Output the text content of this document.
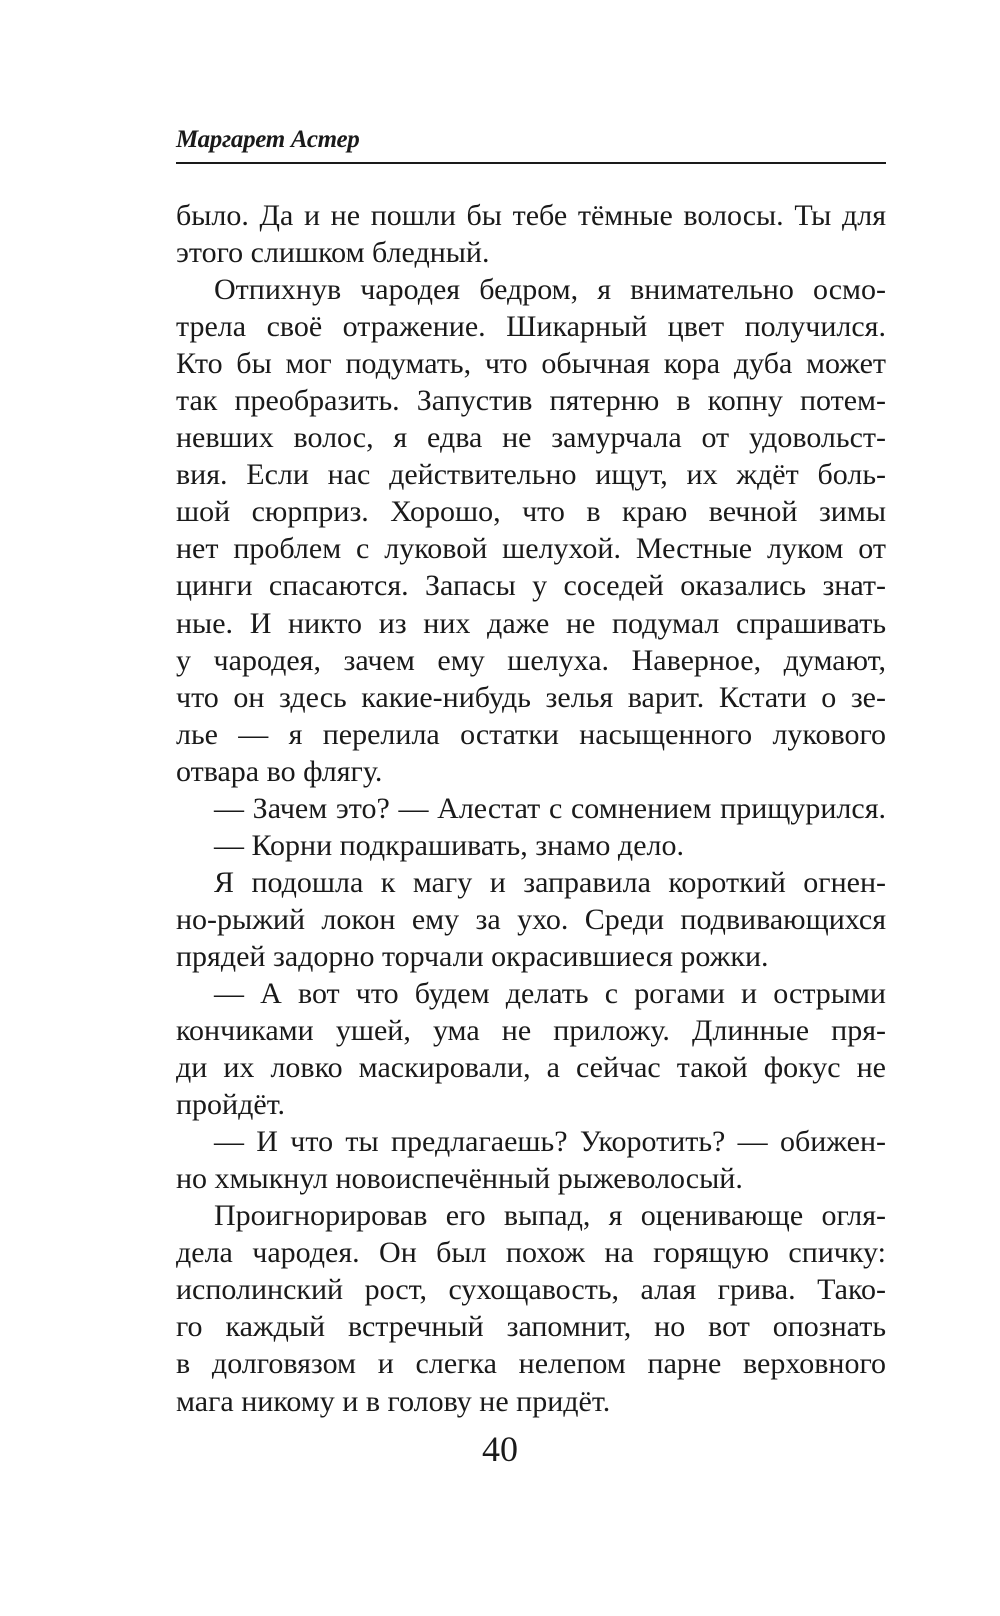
Маргарет Астер
было. Да и не пошли бы тебе тёмные волосы. Ты для
этого слишком бледный.
Отпихнув чародея бедром, я внимательно осмо-
трела своё отражение. Шикарный цвет получился.
Кто бы мог подумать, что обычная кора дуба может
так преобразить. Запустив пятерню в копну потем-
невших волос, я едва не замурчала от удовольст-
вия. Если нас действительно ищут, их ждёт боль-
шой сюрприз. Хорошо, что в краю вечной зимы
нет проблем с луковой шелухой. Местные луком от
цинги спасаются. Запасы у соседей оказались знат-
ные. И никто из них даже не подумал спрашивать
у чародея, зачем ему шелуха. Наверное, думают,
что он здесь какие-нибудь зелья варит. Кстати о зе-
лье — я перелила остатки насыщенного лукового
отвара во флягу.
— Зачем это? — Алестат с сомнением прищурился.
— Корни подкрашивать, знамо дело.
Я подошла к магу и заправила короткий огнен-
но-рыжий локон ему за ухо. Среди подвивающихся
прядей задорно торчали окрасившиеся рожки.
— А вот что будем делать с рогами и острыми
кончиками ушей, ума не приложу. Длинные пря-
ди их ловко маскировали, а сейчас такой фокус не
пройдёт.
— И что ты предлагаешь? Укоротить? — обижен-
но хмыкнул новоиспечённый рыжеволосый.
Проигнорировав его выпад, я оценивающе огля-
дела чародея. Он был похож на горящую спичку:
исполинский рост, сухощавость, алая грива. Тако-
го каждый встречный запомнит, но вот опознать
в долговязом и слегка нелепом парне верховного
мага никому и в голову не придёт.
40
